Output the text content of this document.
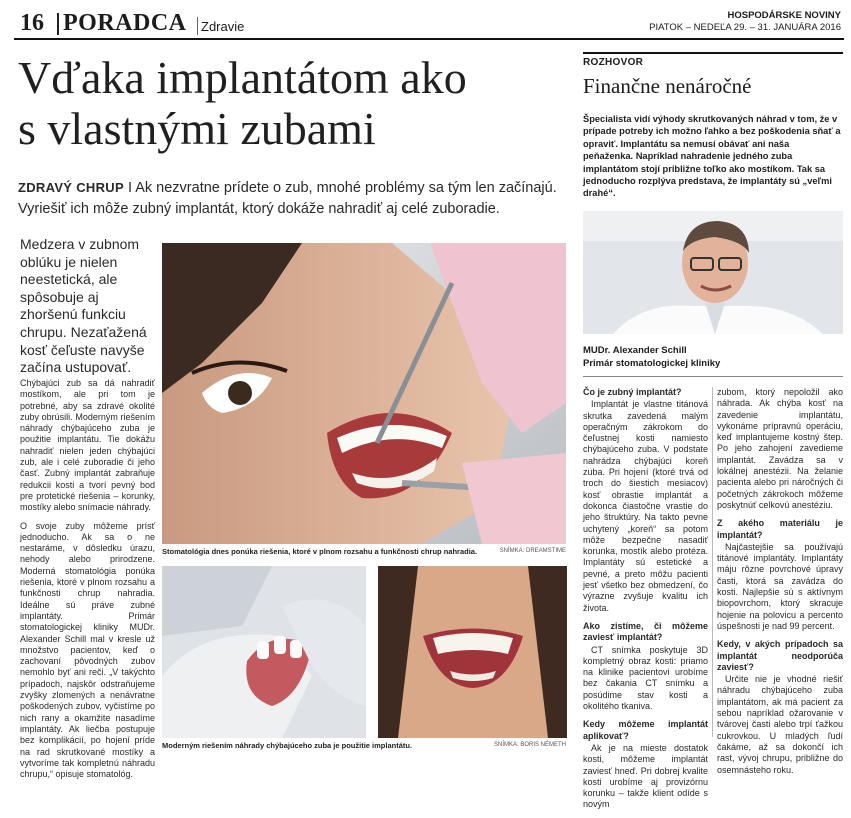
16 PORADCA Zdravie
HOSPODÁRSKE NOVINY
PIATOK – NEDEĽA 29. – 31. JANUÁRA 2016
Vďaka implantátom ako
s vlastnými zubami
ZDRAVÝ CHRUP I Ak nezvratne prídete o zub, mnohé problémy sa tým len začínajú. Vyriešiť ich môže zubný implantát, ktorý dokáže nahradiť aj celé zuboradie.
Medzera v zubnom oblúku je nielen neestetická, ale spôsobuje aj zhoršenú funkciu chrupu. Nezaťažená kosť čeľuste navyše začína ustupovať.

Chýbajúci zub sa dá nahradiť mostíkom, ale pri tom je potrebné, aby sa zdravé okolité zuby obrúsili. Moderným riešením náhrady chýbajúceho zuba je použitie implantátu. Tie dokážu nahradiť nielen jeden chýbajúci zub, ale i celé zuboradie či jeho časť. Zubný implantát zabraňuje redukcii kosti a tvorí pevný bod pre protetické riešenia – korunky, mostíky alebo snímacie náhrady.

O svoje zuby môžeme prísť jednoducho. Ak sa o ne nestaráme, v dôsledku úrazu, nehody alebo prirodzene. Moderná stomatológia ponúka riešenia, ktoré v plnom rozsahu a funkčnosti chrup nahradia. Ideálne sú práve zubné implantáty. Primár stomatologickej kliniky MUDr. Alexander Schill mal v kresle už množstvo pacientov, keď o zachovaní pôvodných zubov nemohlo byť ani reči. „V takýchto prípadoch, najskôr odstraňujeme zvyšky zlomených a nenávratne poškodených zubov, vyčistíme po nich rany a okamžite nasadíme implantáty. Ak liečba postupuje bez komplikácií, po hojení príde na rad skrutkované mostíky a vytvoríme tak kompletnú náhradu chrupu,“ opisuje stomatológ.

Stomatológia dnes ponúka riešenia, ktoré v plnom rozsahu a funkčnosti chrup nahradia.	SNÍMKA: DREAMSTIME
Moderným riešením náhrady chýbajúceho zuba je použitie implantátu.	SNÍMKA: BORIS NÉMETH
ROZHOVOR
Finančne nenáročné
Špecialista vidí výhody skrutkovaných náhrad v tom, že v prípade potreby ich možno ľahko a bez poškodenia sňať a opraviť. Implantátu sa nemusí obávať ani naša peňaženka. Napríklad nahradenie jedného zuba implantátom stojí približne toľko ako mostíkom. Tak sa jednoducho rozplýva predstava, že implantáty sú „veľmi drahé“.
MUDr. Alexander Schill
Primár stomatologickej kliniky

Čo je zubný implantát?

Implantát je vlastne titánová skrutka zavedená malým operačným zákrokom do čeľustnej kosti namiesto chýbajúceho zuba. V podstate nahrádza chýbajúci koreň zuba. Pri hojení (ktoré trvá od troch do šiestich mesiacov) kosť obrastie implantát a dokonca čiastočne vrastie do jeho štruktúry. Na takto pevne uchytený „koreň“ sa potom môže bezpečne nasadiť korunka, mostík alebo protéza. Implantáty sú estetické a pevné, a preto môžu pacienti jesť všetko bez obmedzení, čo výrazne zvyšuje kvalitu ich života.

Ako zistíme, či môžeme zaviesť implantát?

CT snímka poskytuje 3D kompletný obraz kosti: priamo na klinike pacientovi urobíme bez čakania CT snímku a posúdime stav kosti a okolitého tkaniva.

Kedy môžeme implantát aplikovať?

Ak je na mieste dostatok kosti, môžeme implantát zaviesť hneď. Pri dobrej kvalite kosti urobíme aj provizórnu korunku – takže klient odíde s novým

zubom, ktorý nepoložil ako náhrada. Ak chýba kosť na zavedenie implantátu, vykonáme prípravnú operáciu, keď implantujeme kostný štep. Po jeho zahojení zavedieme implantát. Zavádza sa v lokálnej anestézii. Na želanie pacienta alebo pri náročných či početných zákrokoch môžeme poskytnúť celkovú anestéziu.

Z akého materiálu je implantát?

Najčastejšie sa používajú titánové implantáty. Implantáty máju rôzne povrchové úpravy časti, ktorá sa zavádza do kosti. Najlepšie sú s aktívnym biopovrchom, ktorý skracuje hojenie na polovicu a percento úspešnosti je nad 99 percent.

Kedy, v akých prípadoch sa implantát neodporúča zaviesť?

Určite nie je vhodné riešiť náhradu chýbajúceho zuba implantátom, ak má pacient za sebou napríklad ožarovanie v tvárovej časti alebo trpí ťažkou cukrovkou. U mladých ľudí čakáme, až sa dokončí ich rast, vývoj chrupu, približne do osemnásteho roku.
